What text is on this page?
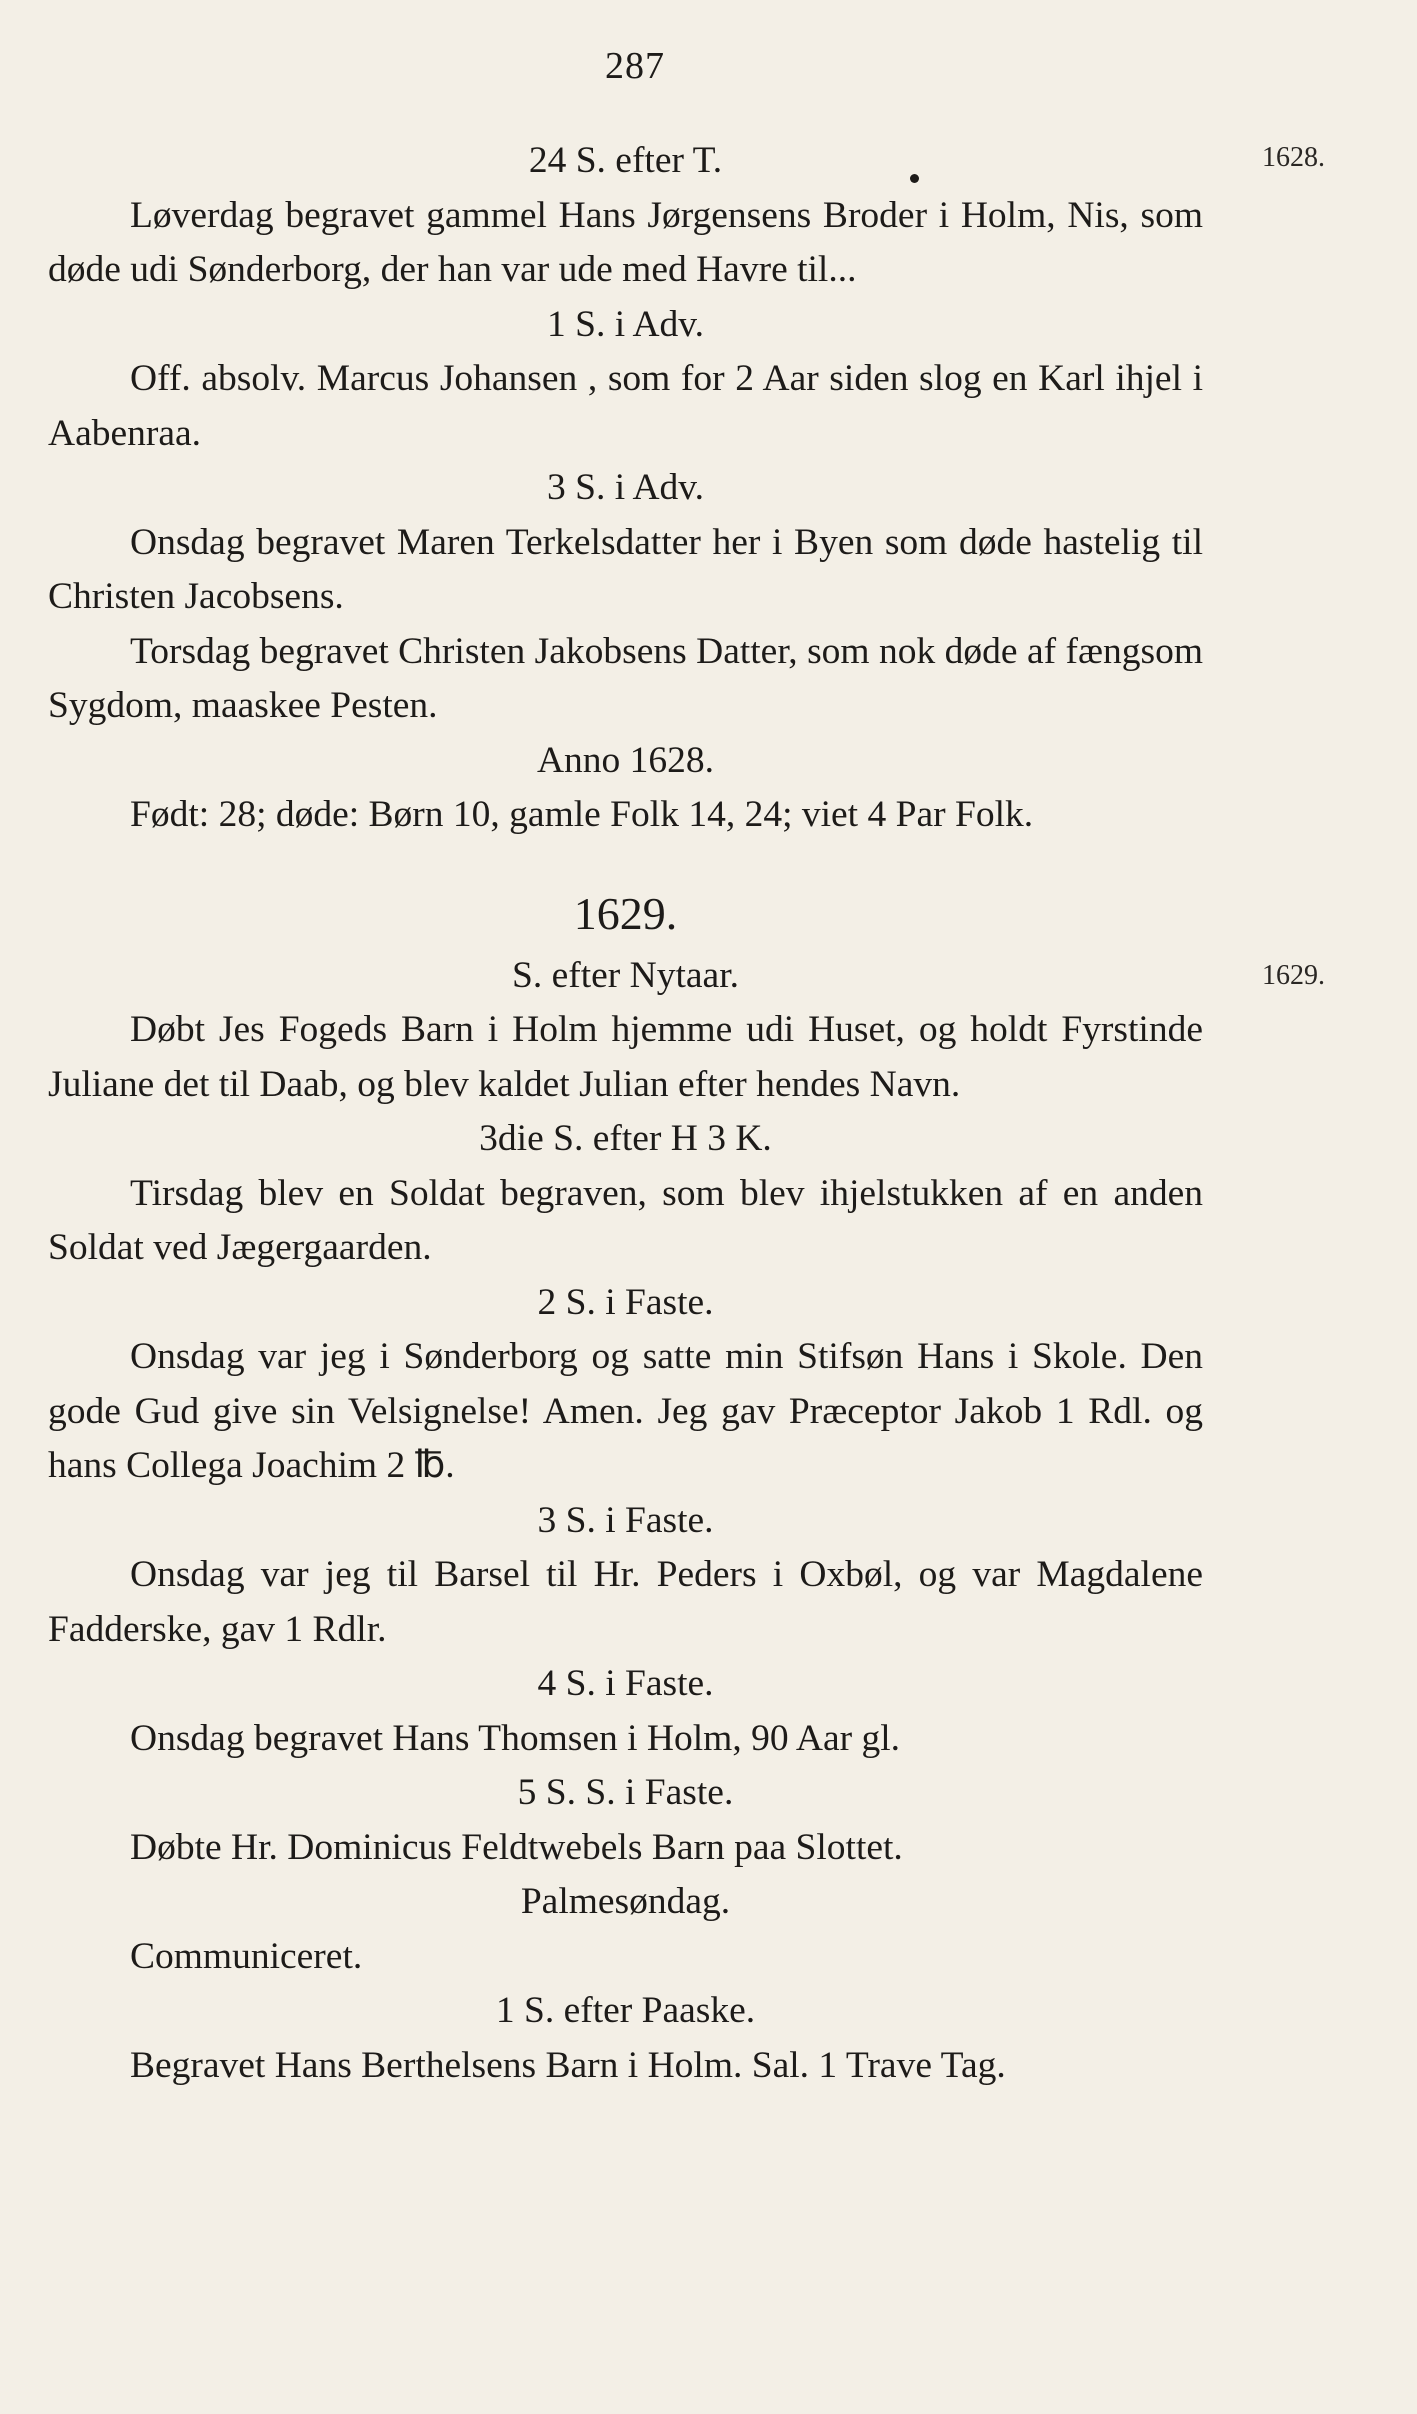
287
1628.
1629.
24 S. efter T.
Løverdag begravet gammel Hans Jørgensens Broder i Holm, Nis, som døde udi Sønderborg, der han var ude med Havre til...
1 S. i Adv.
Off. absolv. Marcus Johansen , som for 2 Aar siden slog en Karl ihjel i Aabenraa.
3 S. i Adv.
Onsdag begravet Maren Terkelsdatter her i Byen som døde hastelig til Christen Jacobsens.
Torsdag begravet Christen Jakobsens Datter, som nok døde af fængsom Sygdom, maaskee Pesten.
Anno 1628.
Født: 28; døde: Børn 10, gamle Folk 14, 24; viet 4 Par Folk.
1629.
S. efter Nytaar.
Døbt Jes Fogeds Barn i Holm hjemme udi Huset, og holdt Fyrstinde Juliane det til Daab, og blev kaldet Julian efter hendes Navn.
3die S. efter H 3 K.
Tirsdag blev en Soldat begraven, som blev ihjelstukken af en anden Soldat ved Jægergaarden.
2 S. i Faste.
Onsdag var jeg i Sønderborg og satte min Stifsøn Hans i Skole. Den gode Gud give sin Velsignelse! Amen. Jeg gav Præceptor Jakob 1 Rdl. og hans Collega Joachim 2 ℔.
3 S. i Faste.
Onsdag var jeg til Barsel til Hr. Peders i Oxbøl, og var Magdalene Fadderske, gav 1 Rdlr.
4 S. i Faste.
Onsdag begravet Hans Thomsen i Holm, 90 Aar gl.
5 S. S. i Faste.
Døbte Hr. Dominicus Feldtwebels Barn paa Slottet.
Palmesøndag.
Communiceret.
1 S. efter Paaske.
Begravet Hans Berthelsens Barn i Holm. Sal. 1 Trave Tag.
